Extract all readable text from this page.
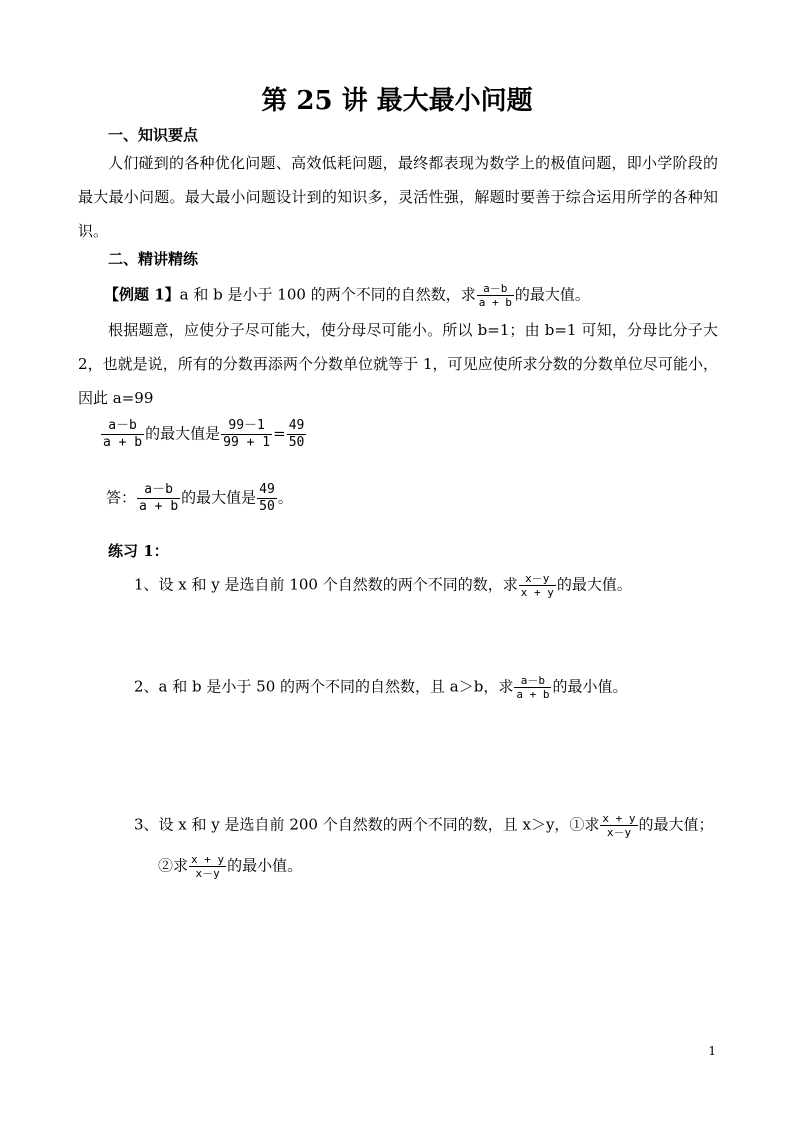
第 25 讲 最大最小问题
一、知识要点
人们碰到的各种优化问题、高效低耗问题，最终都表现为数学上的极值问题，即小学阶段的最大最小问题。最大最小问题设计到的知识多，灵活性强，解题时要善于综合运用所学的各种知识。
二、精讲精练
【例题 1】a 和 b 是小于 100 的两个不同的自然数，求 $\frac{a-b}{a + b}$ 的最大值。
根据题意，应使分子尽可能大，使分母尽可能小。所以 b=1；由 b=1 可知，分母比分子大 2，也就是说，所有的分数再添两个分数单位就等于 1，可见应使所求分数的分数单位尽可能小，因此 a=99
$\frac{a-b}{a + b}$ 的最大值是 $\frac{99-1}{99 + 1} = \frac{49}{50}$
答： $\frac{a-b}{a + b}$ 的最大值是 $\frac{49}{50}$ 。
练习 1：
1、设 x 和 y 是选自前 100 个自然数的两个不同的数，求 $\frac{x-y}{x + y}$ 的最大值。
2、a 和 b 是小于 50 的两个不同的自然数，且 a＞b，求 $\frac{a-b}{a + b}$ 的最小值。
3、设 x 和 y 是选自前 200 个自然数的两个不同的数，且 x＞y，①求 $\frac{x + y}{x-y}$ 的最大值；
②求 $\frac{x + y}{x-y}$ 的最小值。
1
